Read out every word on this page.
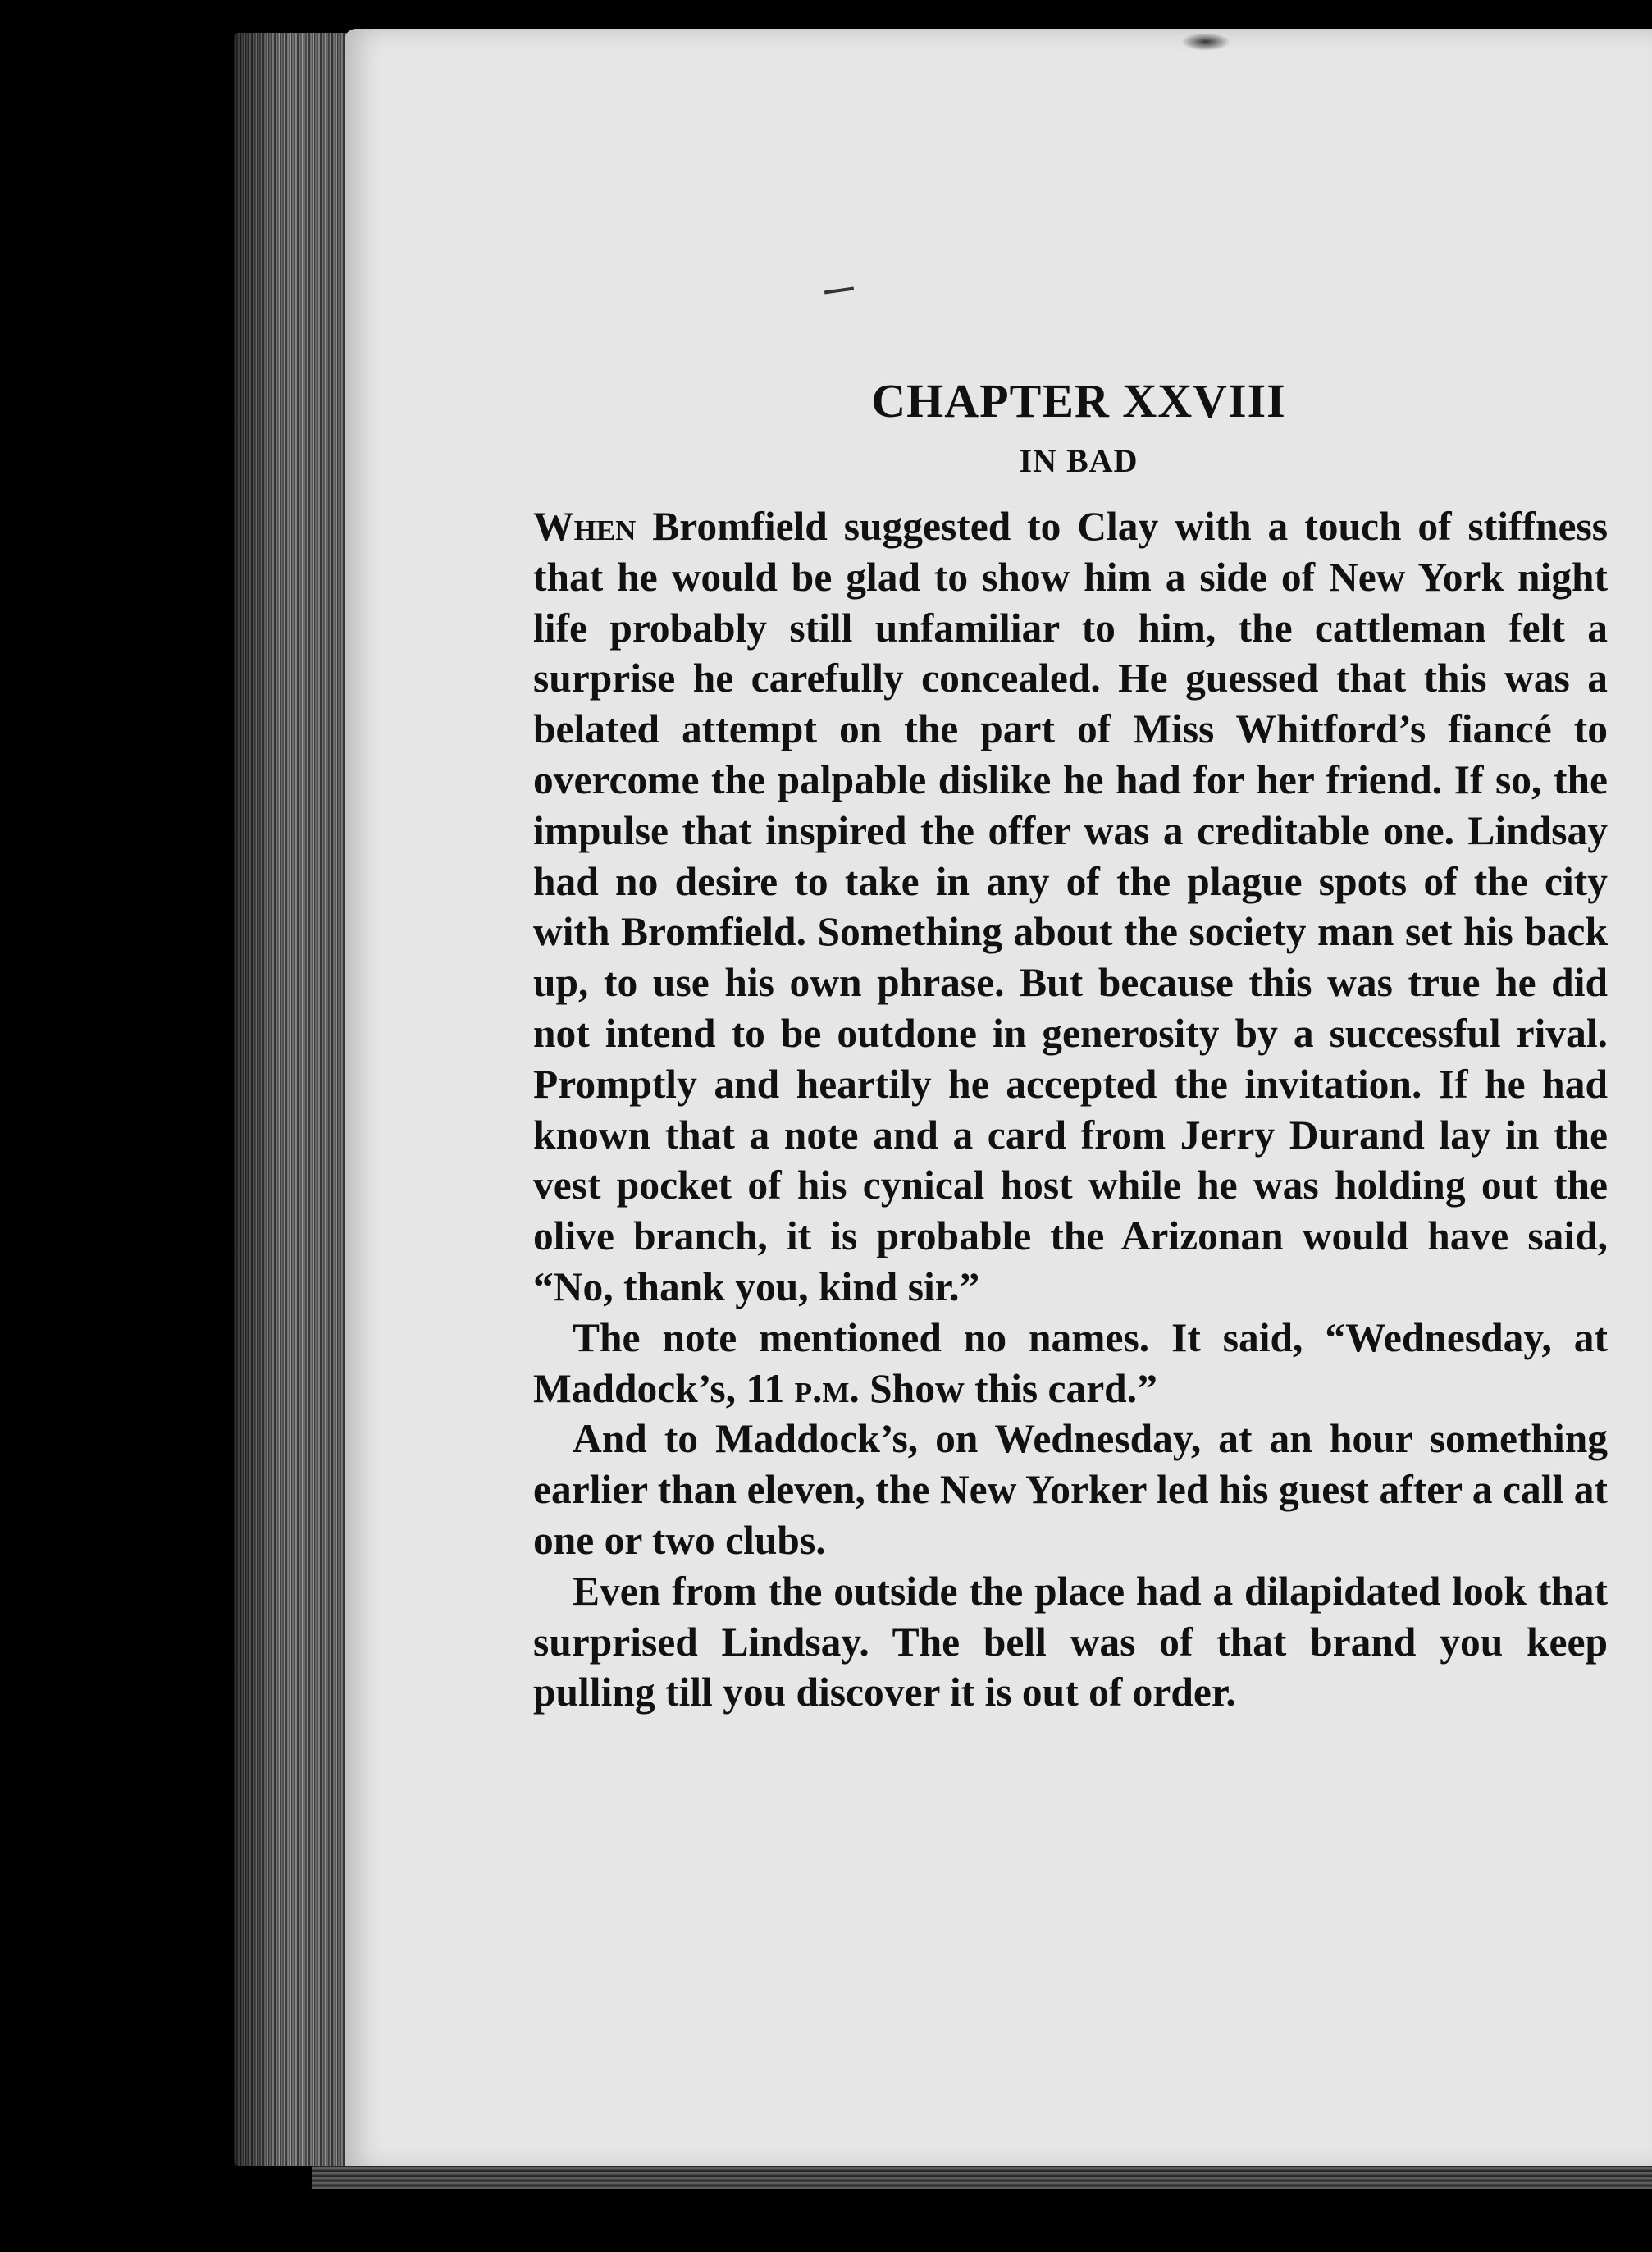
CHAPTER XXVIII
IN BAD

When Bromfield suggested to Clay with a touch of stiffness that he would be glad to show him a side of New York night life probably still unfamiliar to him, the cattleman felt a surprise he carefully concealed. He guessed that this was a belated attempt on the part of Miss Whitford’s fiancé to overcome the palpable dislike he had for her friend. If so, the impulse that inspired the offer was a creditable one. Lindsay had no desire to take in any of the plague spots of the city with Bromfield. Something about the society man set his back up, to use his own phrase. But because this was true he did not intend to be outdone in generosity by a successful rival. Promptly and heartily he accepted the invitation. If he had known that a note and a card from Jerry Durand lay in the vest pocket of his cynical host while he was holding out the olive branch, it is probable the Arizonan would have said, “No, thank you, kind sir.”

The note mentioned no names. It said, “Wednesday, at Maddock’s, 11 p.m. Show this card.”

And to Maddock’s, on Wednesday, at an hour something earlier than eleven, the New Yorker led his guest after a call at one or two clubs.

Even from the outside the place had a dilapidated look that surprised Lindsay. The bell was of that brand you keep pulling till you discover it is out of order.
